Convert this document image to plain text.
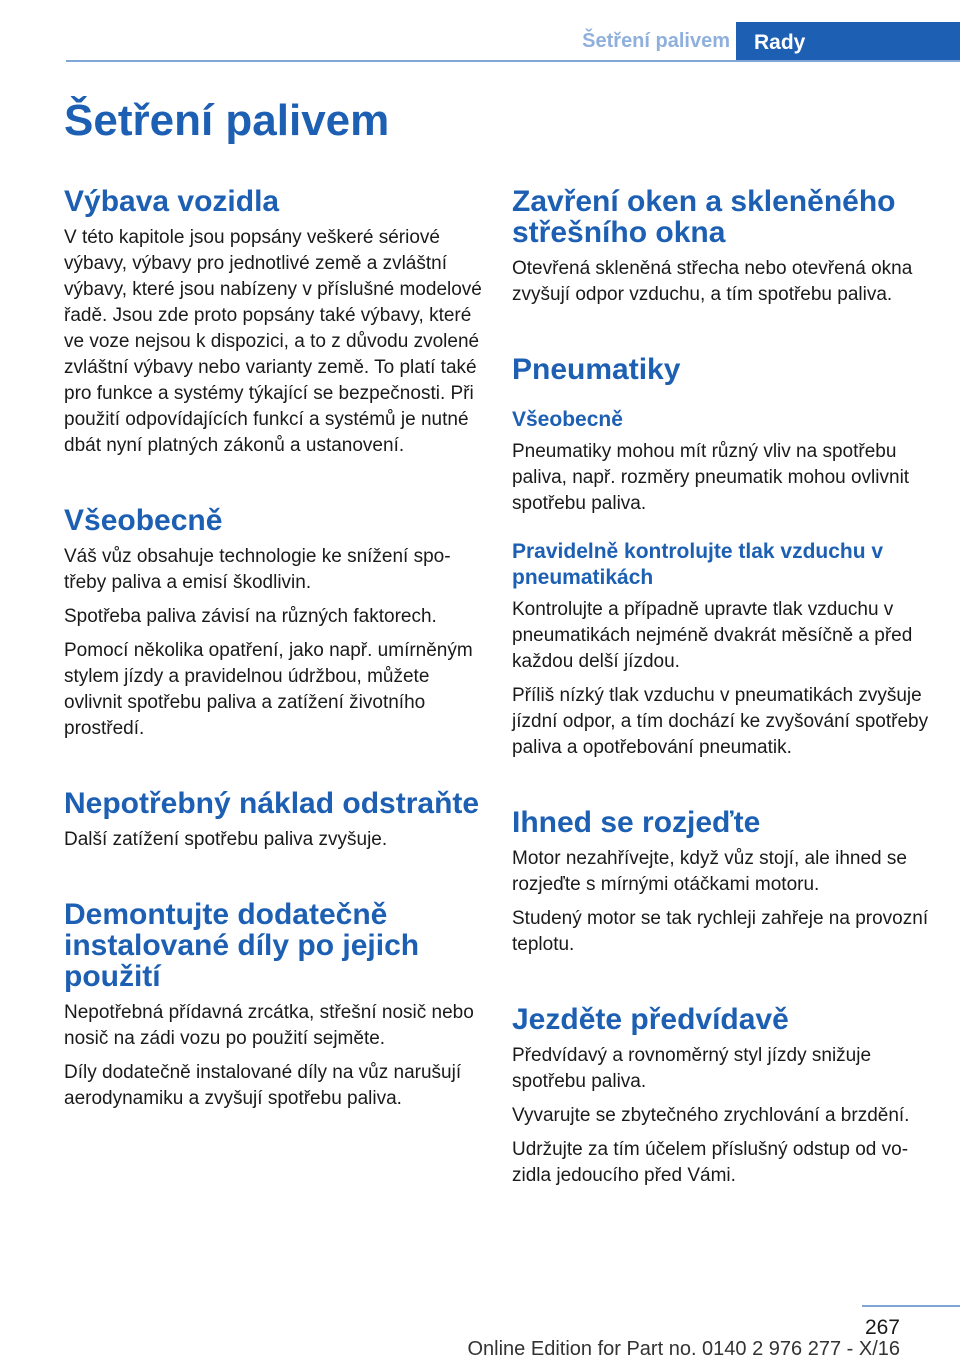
Šetření palivem	Rady
Šetření palivem
Výbava vozidla

V této kapitole jsou popsány veškeré sériové výbavy, výbavy pro jednotlivé země a zvláštní výbavy, které jsou nabízeny v příslušné modelové řadě. Jsou zde proto popsány také výbavy, které ve voze nejsou k dispozici, a to z důvodu zvolené zvláštní výbavy nebo varianty země. To platí také pro funkce a systémy týkající se bezpečnosti. Při použití odpovídajících funkcí a systémů je nutné dbát nyní platných zákonů a ustanovení.

Všeobecně

Váš vůz obsahuje technologie ke snížení spotřeby paliva a emisí škodlivin.

Spotřeba paliva závisí na různých faktorech.

Pomocí několika opatření, jako např. umírněným stylem jízdy a pravidelnou údržbou, můžete ovlivnit spotřebu paliva a zatížení životního prostředí.

Nepotřebný náklad odstraňte

Další zatížení spotřebu paliva zvyšuje.

Demontujte dodatečně instalované díly po jejich použití

Nepotřebná přídavná zrcátka, střešní nosič nebo nosič na zádi vozu po použití sejměte.

Díly dodatečně instalované díly na vůz narušují aerodynamiku a zvyšují spotřebu paliva.

Zavření oken a skleněného střešního okna

Otevřená skleněná střecha nebo otevřená okna zvyšují odpor vzduchu, a tím spotřebu paliva.

Pneumatiky
Všeobecně

Pneumatiky mohou mít různý vliv na spotřebu paliva, např. rozměry pneumatik mohou ovlivnit spotřebu paliva.

Pravidelně kontrolujte tlak vzduchu v pneumatikách

Kontrolujte a případně upravte tlak vzduchu v pneumatikách nejméně dvakrát měsíčně a před každou delší jízdou.

Příliš nízký tlak vzduchu v pneumatikách zvyšuje jízdní odpor, a tím dochází ke zvyšování spotřeby paliva a opotřebování pneumatik.

Ihned se rozjeďte

Motor nezahřívejte, když vůz stojí, ale ihned se rozjeďte s mírnými otáčkami motoru.

Studený motor se tak rychleji zahřeje na provozní teplotu.

Jezděte předvídavě

Předvídavý a rovnoměrný styl jízdy snižuje spotřebu paliva.

Vyvarujte se zbytečného zrychlování a brzdění.

Udržujte za tím účelem příslušný odstup od vozidla jedoucího před Vámi.

267
Online Edition for Part no. 0140 2 976 277 - X/16
